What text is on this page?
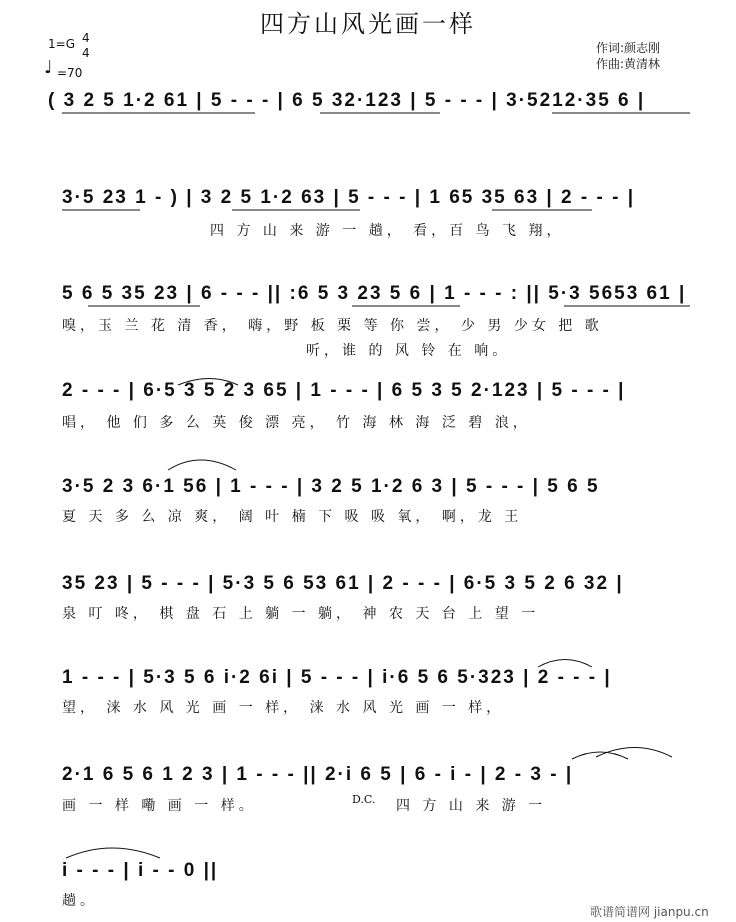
四方山风光画一样
1=G 4
4
♩ =70
作词:颜志刚
作曲:黄清林
( 3 2 5 1·2 61 | 5 - - - | 6 5 32·123 | 5 - - - | 3·5212·35 6 |
3·5 23 1 - ) | 3 2 5 1·2 63 | 5 - - - | 1 65 35 63 | 2 - - - |
四 方 山 来 游 一 趟， 看，百 鸟 飞 翔，
5 6 5 35 23 | 6 - - - || :6 5 3 23 5 6 | 1 - - - : || 5·3 5653 61 |
嗅，玉 兰 花 清 香， 嗨，野 板 栗 等 你 尝， 少 男 少女 把 歌
听，谁 的 风 铃 在 响。
2 - - - | 6·5 3 5 2 3 65 | 1 - - - | 6 5 3 5 2·123 | 5 - - - |
唱， 他 们 多 么 英 俊 漂 亮， 竹 海 林 海 泛 碧 浪，
3·5 2 3 6·1 56 | 1 - - - | 3 2 5 1·2 6 3 | 5 - - - | 5 6 5
夏 天 多 么 凉 爽， 阔 叶 楠 下 吸 吸 氧， 啊，龙 王
35 23 | 5 - - - | 5·3 5 6 53 61 | 2 - - - | 6·5 3 5 2 6 32 |
泉 叮 咚， 棋 盘 石 上 躺 一 躺， 神 农 天 台 上 望 一
1 - - - | 5·3 5 6 i·2 6i | 5 - - - | i·6 5 6 5·323 | 2 - - - |
望， 涞 水 风 光 画 一 样， 涞 水 风 光 画 一 样，
2·1 6 5 6 1 2 3 | 1 - - - || 2·i 6 5 | 6 - i - | 2 - 3 - |
画 一 样 嘞 画 一 样。	D.C. 四 方 山 来 游 一
i - - - | i - - 0 ||
趟。
歌谱简谱网 jianpu.cn
